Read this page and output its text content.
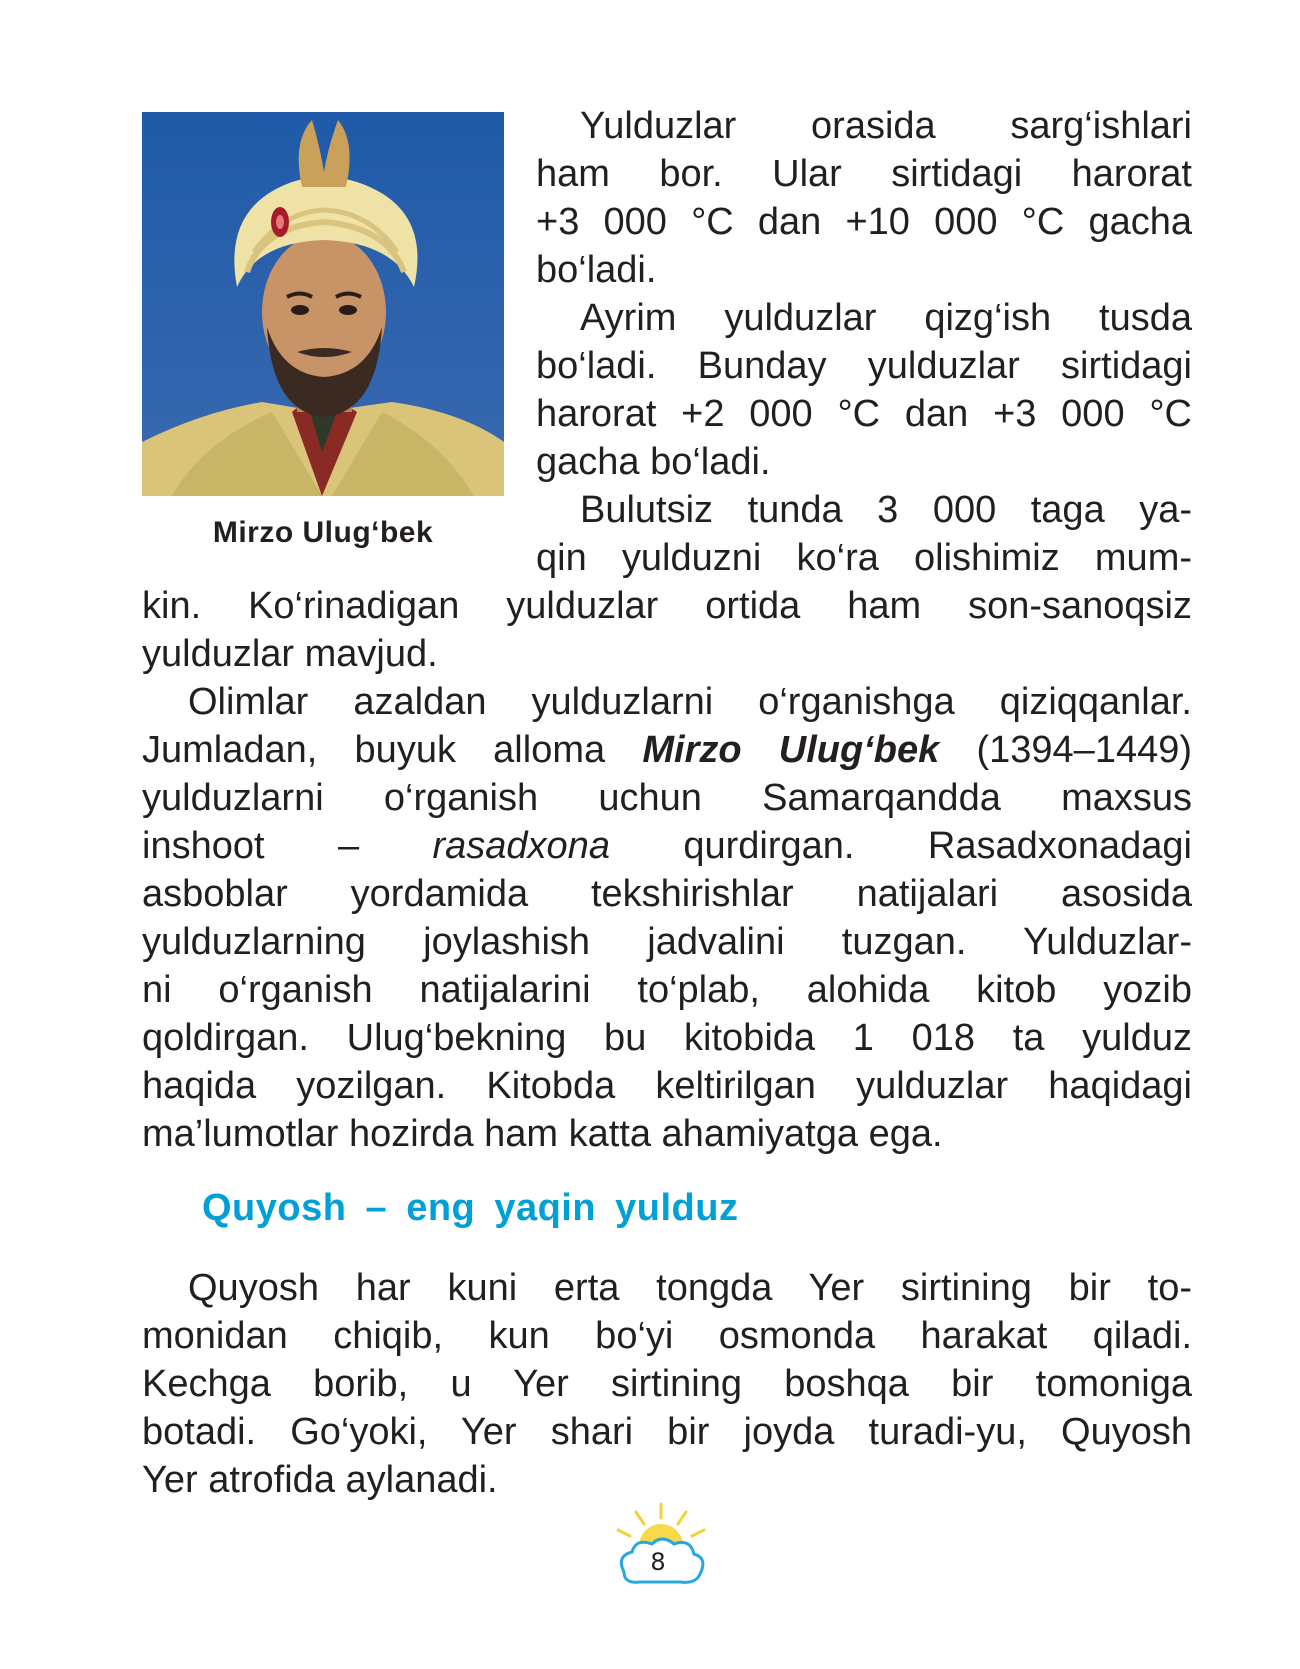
Mirzo Ulug‘bek
Yulduzlar orasida sarg‘ishlari
ham bor. Ular sirtidagi harorat
+3 000 °C dan +10 000 °C gacha
bo‘ladi.
Ayrim yulduzlar qizg‘ish tusda
bo‘ladi. Bunday yulduzlar sirtidagi
harorat +2 000 °C dan +3 000 °C
gacha bo‘ladi.
Bulutsiz tunda 3 000 taga ya-
qin yulduzni ko‘ra olishimiz mum-
kin. Ko‘rinadigan yulduzlar ortida ham son-sanoqsiz
yulduzlar mavjud.
Olimlar azaldan yulduzlarni o‘rganishga qiziqqanlar.
Jumladan, buyuk alloma Mirzo Ulug‘bek (1394–1449)
yulduzlarni o‘rganish uchun Samarqandda maxsus
inshoot – rasadxona qurdirgan. Rasadxonadagi
asboblar yordamida tekshirishlar natijalari asosida
yulduzlarning joylashish jadvalini tuzgan. Yulduzlar-
ni o‘rganish natijalarini to‘plab, alohida kitob yozib
qoldirgan. Ulug‘bekning bu kitobida 1 018 ta yulduz
haqida yozilgan. Kitobda keltirilgan yulduzlar haqidagi
ma’lumotlar hozirda ham katta ahamiyatga ega.
Quyosh har kuni erta tongda Yer sirtining bir to-
monidan chiqib, kun bo‘yi osmonda harakat qiladi.
Kechga borib, u Yer sirtining boshqa bir tomoniga
botadi. Go‘yoki, Yer shari bir joyda turadi-yu, Quyosh
Yer atrofida aylanadi.
Quyosh – eng yaqin yulduz
8
